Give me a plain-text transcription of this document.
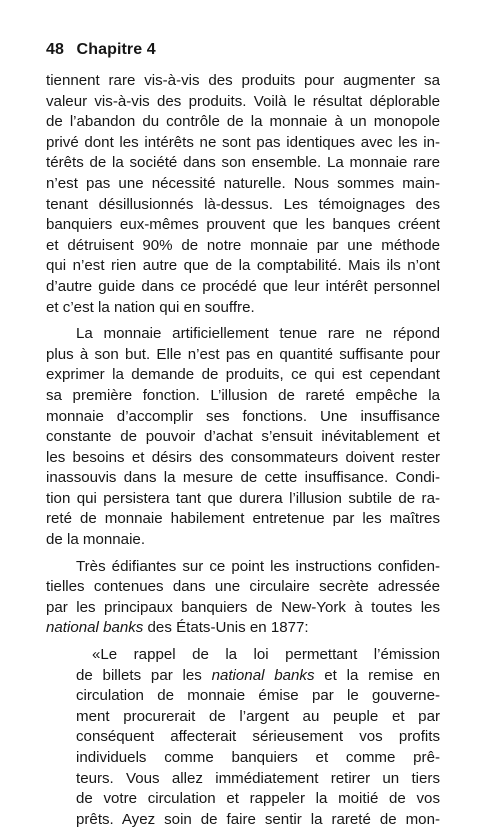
48 Chapitre 4
tiennent rare vis-à-vis des produits pour augmenter sa
valeur vis-à-vis des produits. Voilà le résultat déplorable
de l’abandon du contrôle de la monnaie à un monopole
privé dont les intérêts ne sont pas identiques avec les in-
térêts de la société dans son ensemble. La monnaie rare
n’est pas une nécessité naturelle. Nous sommes main-
tenant désillusionnés là-dessus. Les témoignages des
banquiers eux-mêmes prouvent que les banques créent
et détruisent 90% de notre monnaie par une méthode
qui n’est rien autre que de la comptabilité. Mais ils n’ont
d’autre guide dans ce procédé que leur intérêt personnel
et c’est la nation qui en souffre.
La monnaie artificiellement tenue rare ne répond
plus à son but. Elle n’est pas en quantité suffisante pour
exprimer la demande de produits, ce qui est cependant
sa première fonction. L’illusion de rareté empêche la
monnaie d’accomplir ses fonctions. Une insuffisance
constante de pouvoir d’achat s’ensuit inévitablement et
les besoins et désirs des consommateurs doivent rester
inassouvis dans la mesure de cette insuffisance. Condi-
tion qui persistera tant que durera l’illusion subtile de ra-
reté de monnaie habilement entretenue par les maîtres
de la monnaie.
Très édifiantes sur ce point les instructions confiden-
tielles contenues dans une circulaire secrète adressée
par les principaux banquiers de New-York à toutes les
national banks des États-Unis en 1877:
«Le rappel de la loi permettant l’émission
de billets par les national banks et la remise en
circulation de monnaie émise par le gouverne-
ment procurerait de l’argent au peuple et par
conséquent affecterait sérieusement vos profits
individuels comme banquiers et comme prê-
teurs. Vous allez immédiatement retirer un tiers
de votre circulation et rappeler la moitié de vos
prêts. Ayez soin de faire sentir la rareté de mon-
